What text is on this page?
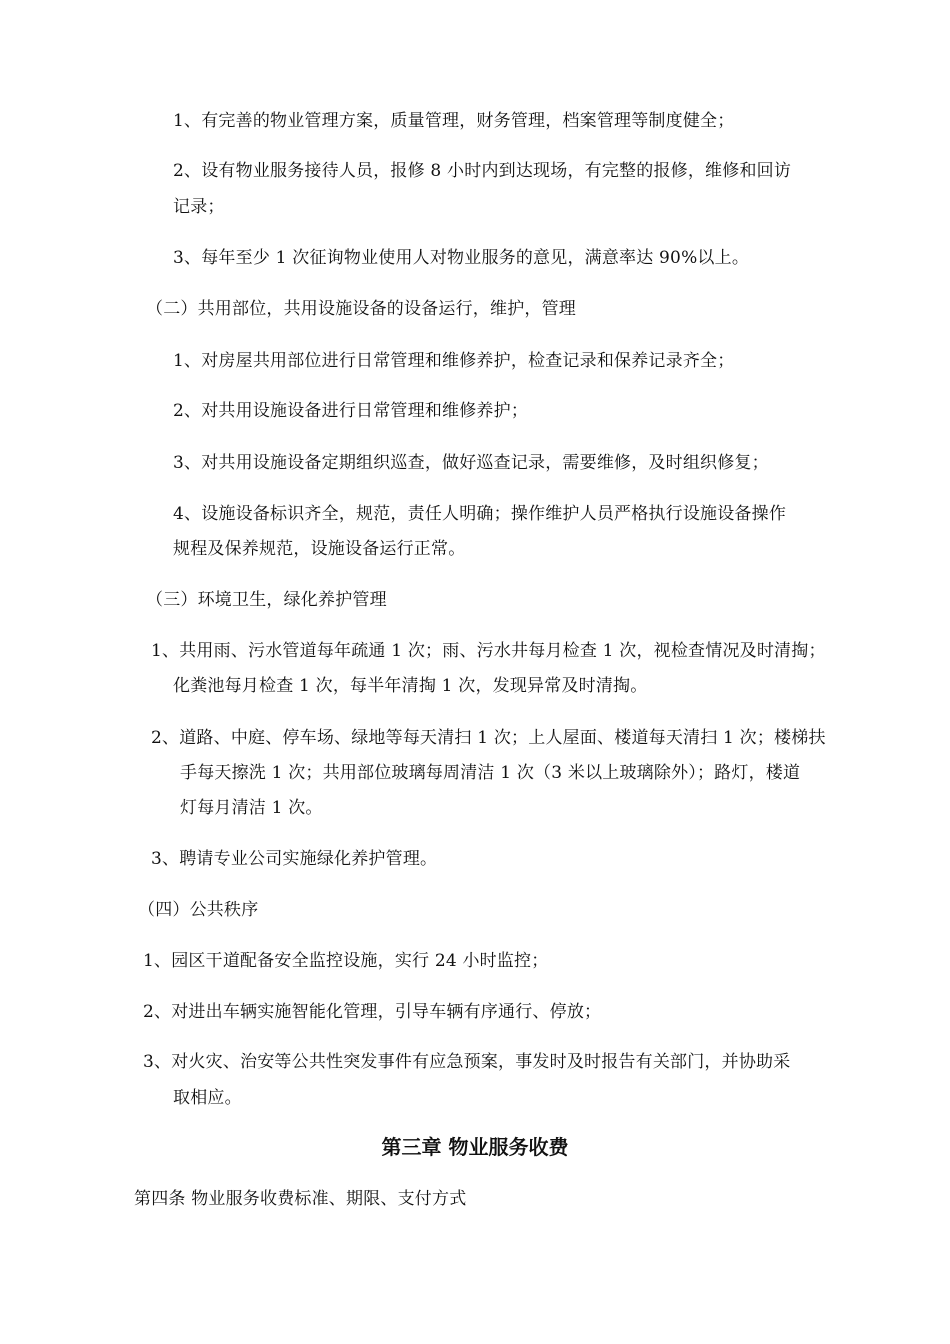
1、有完善的物业管理方案，质量管理，财务管理，档案管理等制度健全；

2、设有物业服务接待人员，报修 8 小时内到达现场，有完整的报修，维修和回访

记录；

3、每年至少 1 次征询物业使用人对物业服务的意见，满意率达 90%以上。

（二）共用部位，共用设施设备的设备运行，维护，管理

1、对房屋共用部位进行日常管理和维修养护，检查记录和保养记录齐全；

2、对共用设施设备进行日常管理和维修养护；

3、对共用设施设备定期组织巡查，做好巡查记录，需要维修，及时组织修复；

4、设施设备标识齐全，规范，责任人明确；操作维护人员严格执行设施设备操作

规程及保养规范，设施设备运行正常。

（三）环境卫生，绿化养护管理

1、共用雨、污水管道每年疏通 1 次；雨、污水井每月检查 1 次，视检查情况及时清掏；

化粪池每月检查 1 次，每半年清掏 1 次，发现异常及时清掏。

2、道路、中庭、停车场、绿地等每天清扫 1 次；上人屋面、楼道每天清扫 1 次；楼梯扶

手每天擦洗 1 次；共用部位玻璃每周清洁 1 次（3 米以上玻璃除外）；路灯，楼道

灯每月清洁 1 次。

3、聘请专业公司实施绿化养护管理。

（四）公共秩序

1、园区干道配备安全监控设施，实行 24 小时监控；

2、对进出车辆实施智能化管理，引导车辆有序通行、停放；

3、对火灾、治安等公共性突发事件有应急预案，事发时及时报告有关部门，并协助采

取相应。

第三章 物业服务收费

第四条 物业服务收费标准、期限、支付方式
